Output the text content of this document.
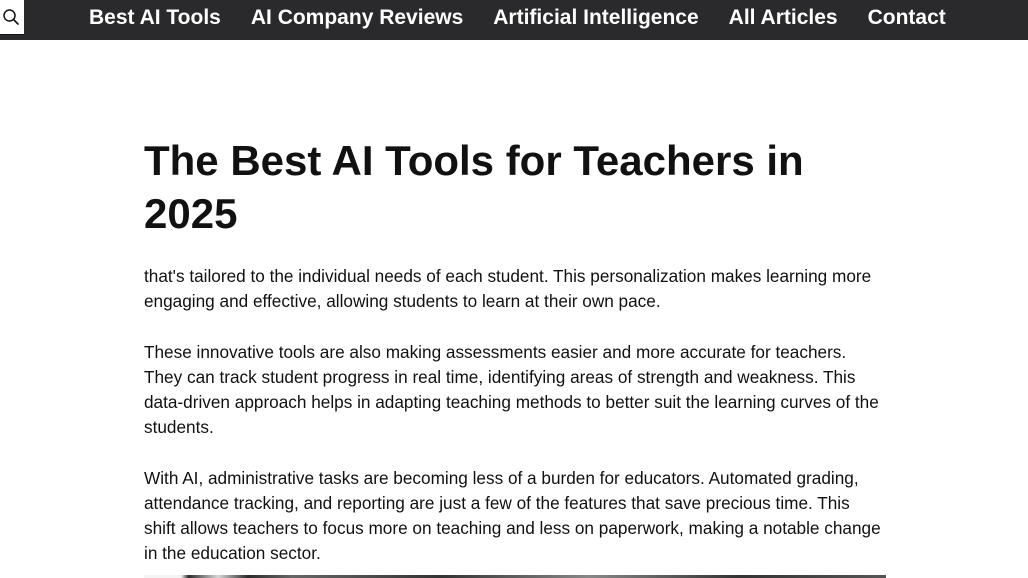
Best AI Tools AI Company Reviews Artificial Intelligence All Articles Contact
The Best AI Tools for Teachers in 2025

that's tailored to the individual needs of each student. This personalization makes learning more engaging and effective, allowing students to learn at their own pace.

These innovative tools are also making assessments easier and more accurate for teachers. They can track student progress in real time, identifying areas of strength and weakness. This data-driven approach helps in adapting teaching methods to better suit the learning curves of the students.

With AI, administrative tasks are becoming less of a burden for educators. Automated grading, attendance tracking, and reporting are just a few of the features that save precious time. This shift allows teachers to focus more on teaching and less on paperwork, making a notable change in the education sector.
